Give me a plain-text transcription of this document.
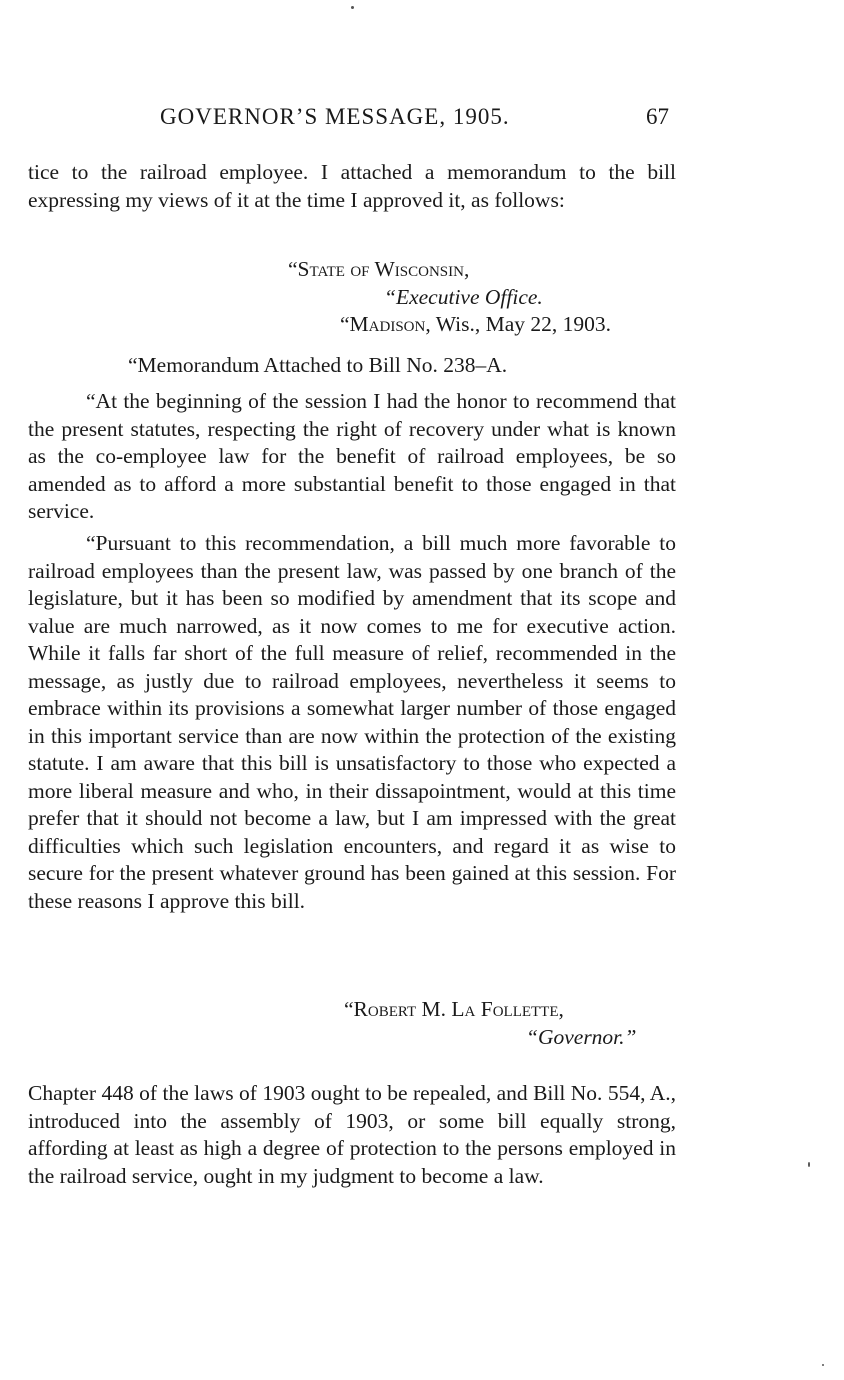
GOVERNOR’S MESSAGE, 1905.	67

tice to the railroad employee. I attached a memorandum to the bill expressing my views of it at the time I approved it, as follows:

“State of Wisconsin,
“Executive Office.
“Madison, Wis., May 22, 1903.
“Memorandum Attached to Bill No. 238–A.

“At the beginning of the session I had the honor to recommend that the present statutes, respecting the right of recovery under what is known as the co-employee law for the benefit of railroad employees, be so amended as to afford a more substantial benefit to those engaged in that service.

“Pursuant to this recommendation, a bill much more favorable to railroad employees than the present law, was passed by one branch of the legislature, but it has been so modified by amendment that its scope and value are much narrowed, as it now comes to me for executive action. While it falls far short of the full measure of relief, recommended in the message, as justly due to railroad employees, nevertheless it seems to embrace within its provisions a somewhat larger number of those engaged in this important service than are now within the protection of the existing statute. I am aware that this bill is unsatisfactory to those who expected a more liberal measure and who, in their dissapointment, would at this time prefer that it should not become a law, but I am impressed with the great difficulties which such legislation encounters, and regard it as wise to secure for the present whatever ground has been gained at this session. For these reasons I approve this bill.

“Robert M. La Follette,
“Governor.”

Chapter 448 of the laws of 1903 ought to be repealed, and Bill No. 554, A., introduced into the assembly of 1903, or some bill equally strong, affording at least as high a degree of protection to the persons employed in the railroad service, ought in my judgment to become a law.
